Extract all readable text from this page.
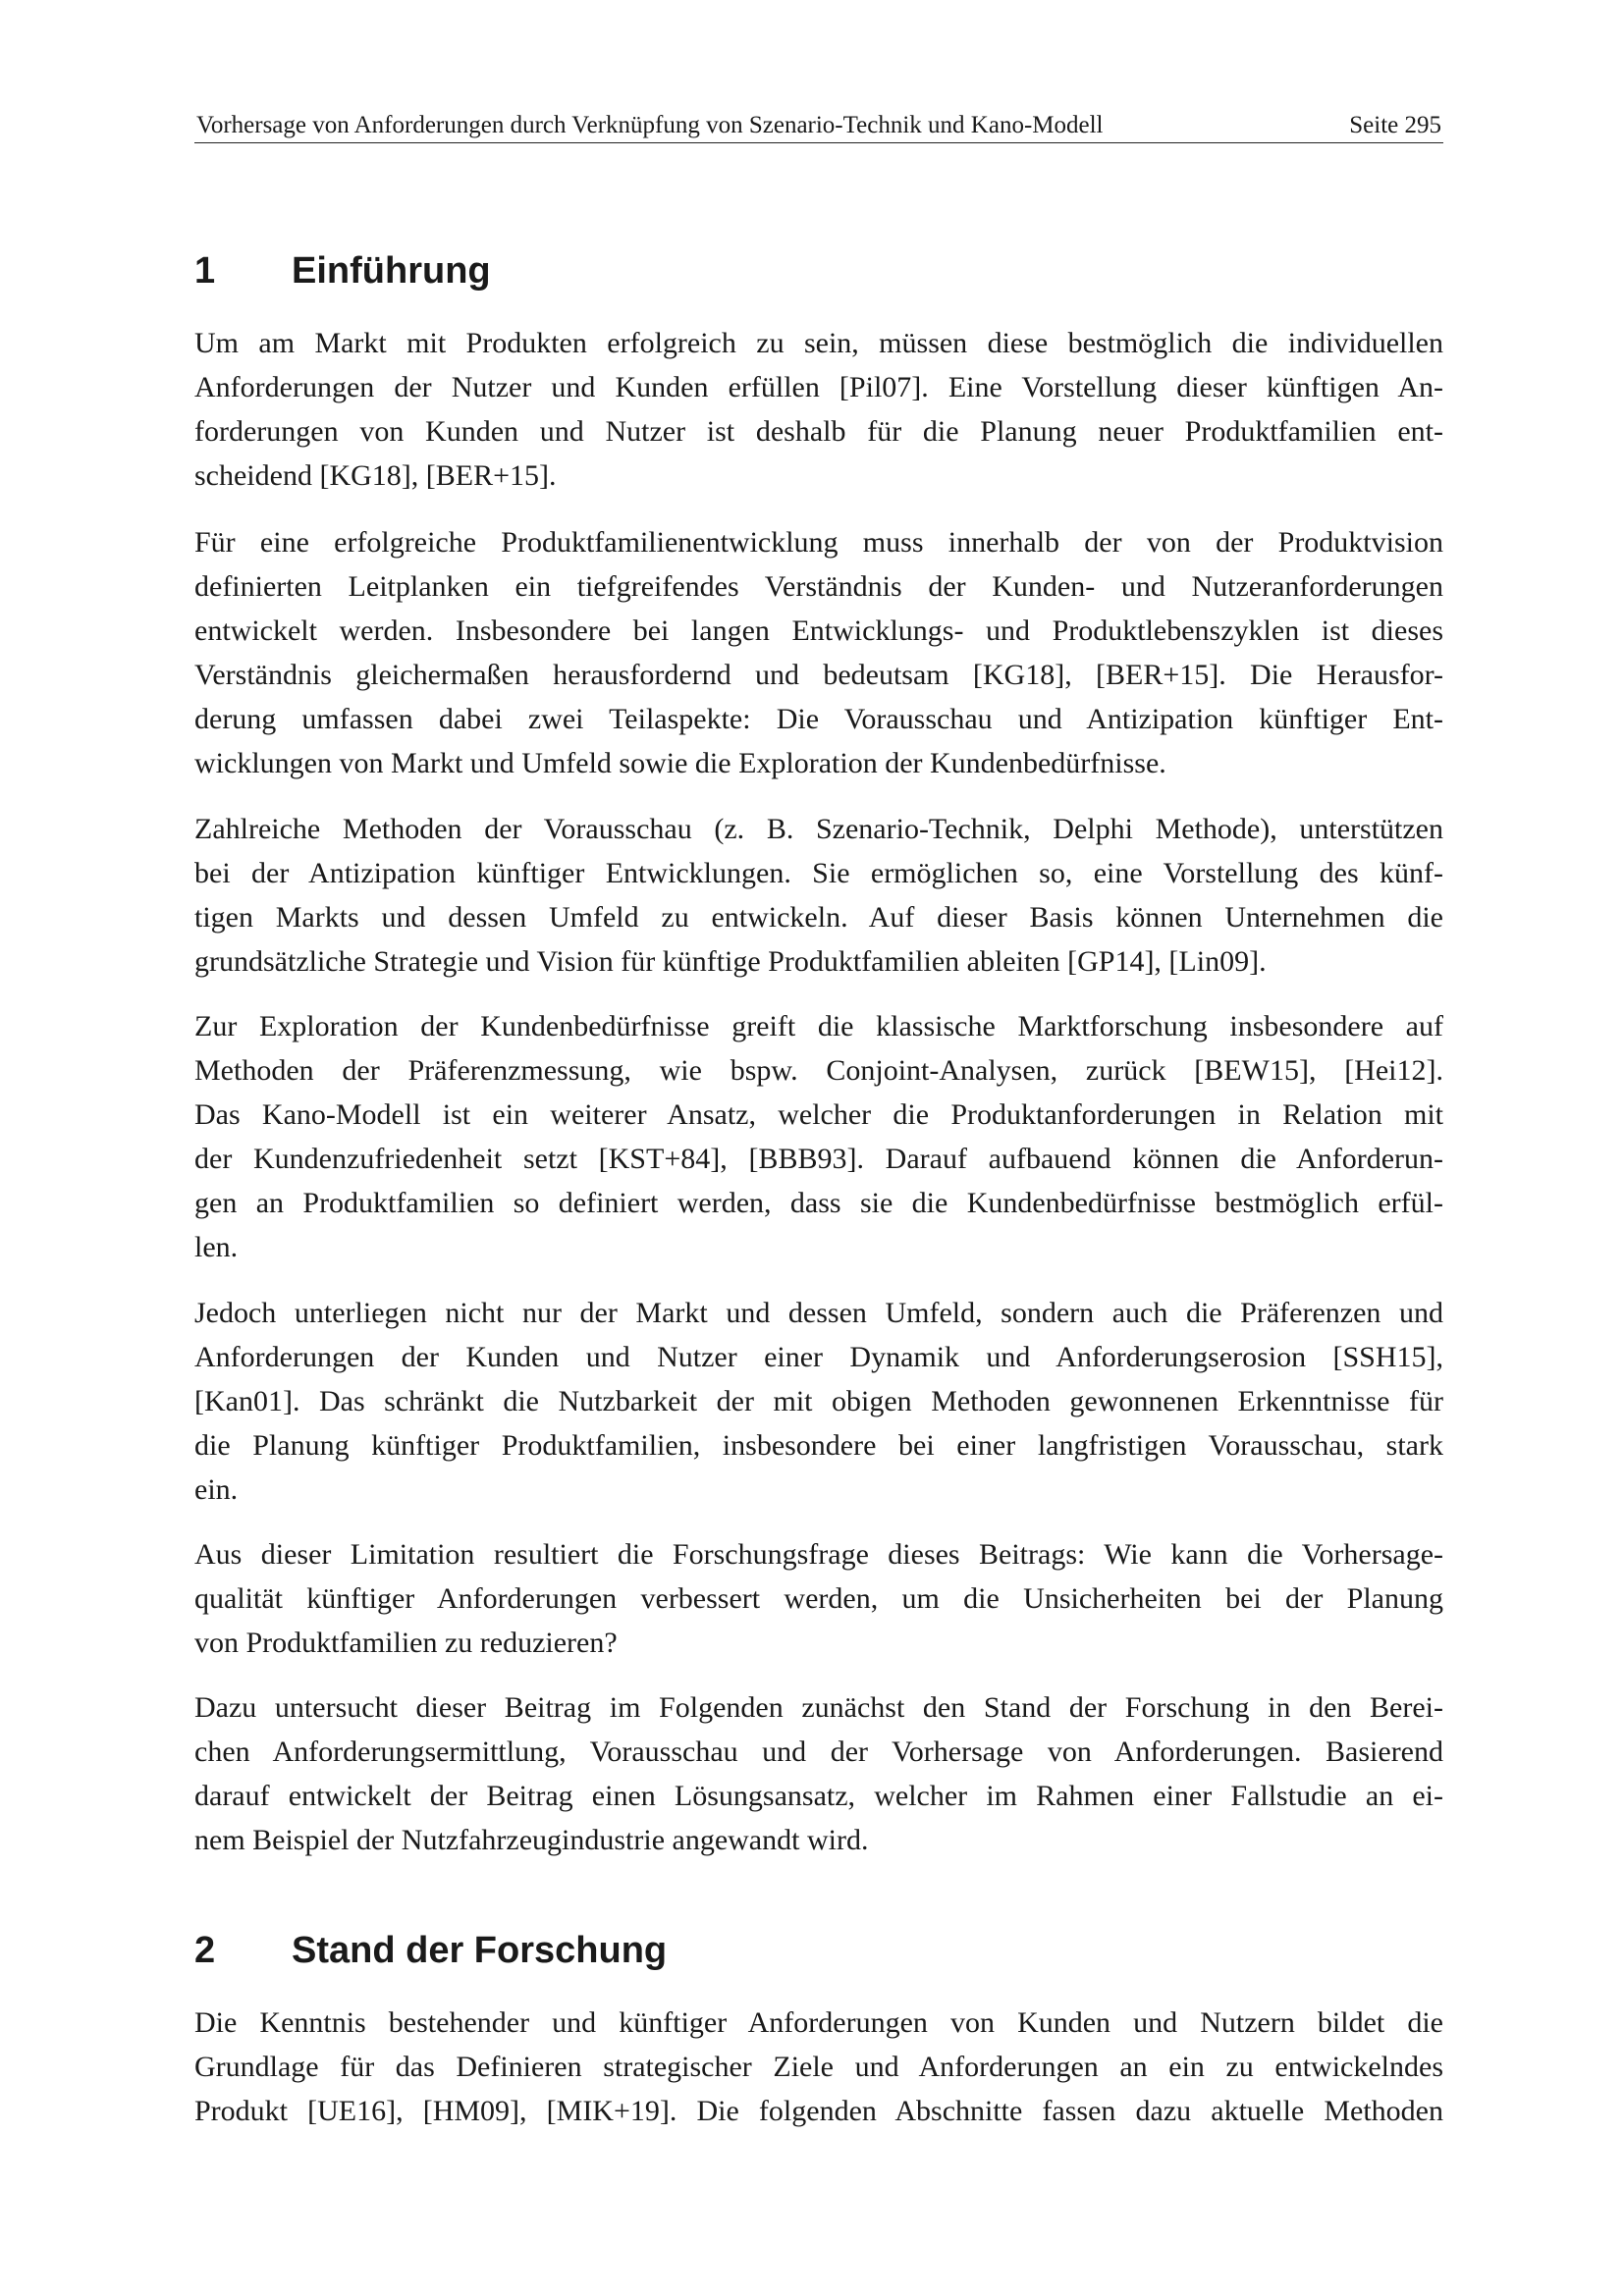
Vorhersage von Anforderungen durch Verknüpfung von Szenario-Technik und Kano-Modell	Seite 295
1 Einführung
Um am Markt mit Produkten erfolgreich zu sein, müssen diese bestmöglich die individuellen
Anforderungen der Nutzer und Kunden erfüllen [Pil07]. Eine Vorstellung dieser künftigen An-
forderungen von Kunden und Nutzer ist deshalb für die Planung neuer Produktfamilien ent-
scheidend [KG18], [BER+15].
Für eine erfolgreiche Produktfamilienentwicklung muss innerhalb der von der Produktvision
definierten Leitplanken ein tiefgreifendes Verständnis der Kunden- und Nutzeranforderungen
entwickelt werden. Insbesondere bei langen Entwicklungs- und Produktlebenszyklen ist dieses
Verständnis gleichermaßen herausfordernd und bedeutsam [KG18], [BER+15]. Die Herausfor-
derung umfassen dabei zwei Teilaspekte: Die Vorausschau und Antizipation künftiger Ent-
wicklungen von Markt und Umfeld sowie die Exploration der Kundenbedürfnisse.
Zahlreiche Methoden der Vorausschau (z. B. Szenario-Technik, Delphi Methode), unterstützen
bei der Antizipation künftiger Entwicklungen. Sie ermöglichen so, eine Vorstellung des künf-
tigen Markts und dessen Umfeld zu entwickeln. Auf dieser Basis können Unternehmen die
grundsätzliche Strategie und Vision für künftige Produktfamilien ableiten [GP14], [Lin09].
Zur Exploration der Kundenbedürfnisse greift die klassische Marktforschung insbesondere auf
Methoden der Präferenzmessung, wie bspw. Conjoint-Analysen, zurück [BEW15], [Hei12].
Das Kano-Modell ist ein weiterer Ansatz, welcher die Produktanforderungen in Relation mit
der Kundenzufriedenheit setzt [KST+84], [BBB93]. Darauf aufbauend können die Anforderun-
gen an Produktfamilien so definiert werden, dass sie die Kundenbedürfnisse bestmöglich erfül-
len.
Jedoch unterliegen nicht nur der Markt und dessen Umfeld, sondern auch die Präferenzen und
Anforderungen der Kunden und Nutzer einer Dynamik und Anforderungserosion [SSH15],
[Kan01]. Das schränkt die Nutzbarkeit der mit obigen Methoden gewonnenen Erkenntnisse für
die Planung künftiger Produktfamilien, insbesondere bei einer langfristigen Vorausschau, stark
ein.
Aus dieser Limitation resultiert die Forschungsfrage dieses Beitrags: Wie kann die Vorhersage-
qualität künftiger Anforderungen verbessert werden, um die Unsicherheiten bei der Planung
von Produktfamilien zu reduzieren?
Dazu untersucht dieser Beitrag im Folgenden zunächst den Stand der Forschung in den Berei-
chen Anforderungsermittlung, Vorausschau und der Vorhersage von Anforderungen. Basierend
darauf entwickelt der Beitrag einen Lösungsansatz, welcher im Rahmen einer Fallstudie an ei-
nem Beispiel der Nutzfahrzeugindustrie angewandt wird.
2 Stand der Forschung
Die Kenntnis bestehender und künftiger Anforderungen von Kunden und Nutzern bildet die
Grundlage für das Definieren strategischer Ziele und Anforderungen an ein zu entwickelndes
Produkt [UE16], [HM09], [MIK+19]. Die folgenden Abschnitte fassen dazu aktuelle Methoden
